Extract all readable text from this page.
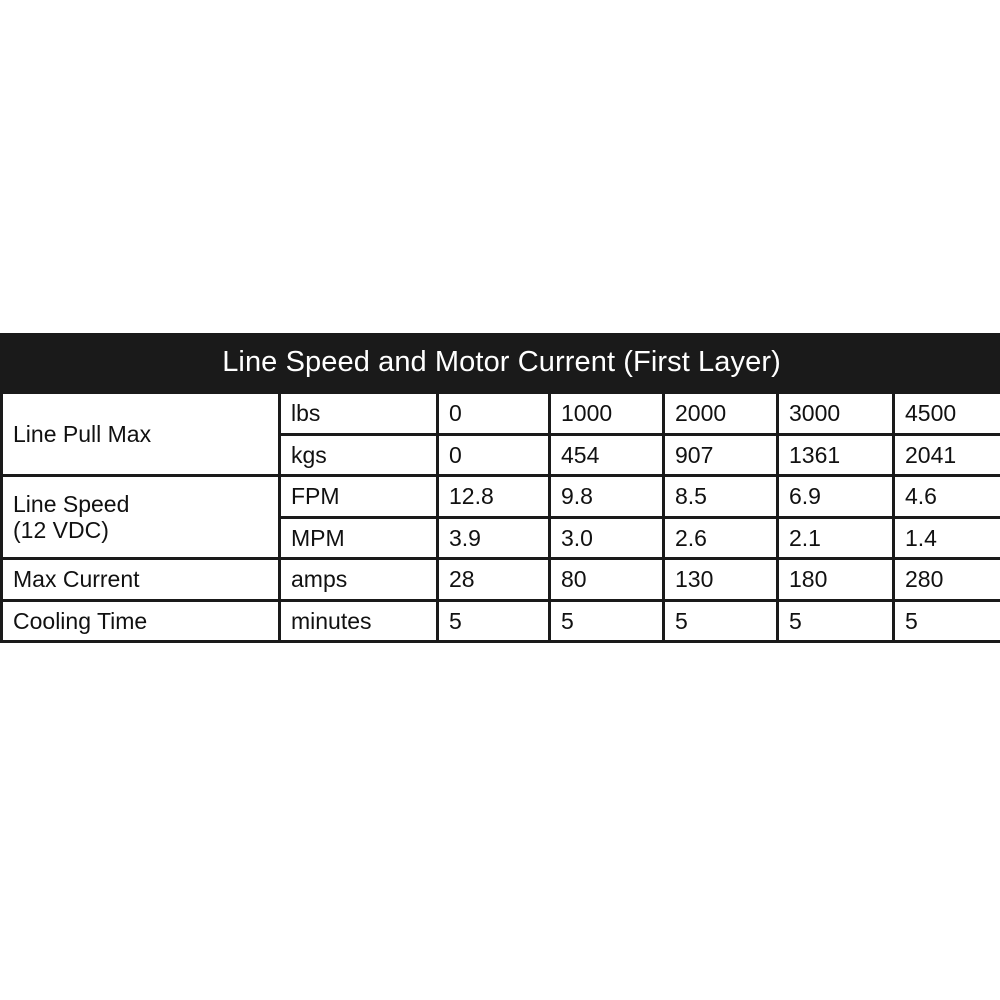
Line Speed and Motor Current (First Layer)						
Line Pull Max	lbs	0	1000	2000	3000	4500
	kgs	0	454	907	1361	2041

Line Speed
(12 VDC)	FPM	12.8	9.8	8.5	6.9	4.6
	MPM	3.9	3.0	2.6	2.1	1.4
Max Current	amps	28	80	130	180	280
Cooling Time	minutes	5	5	5	5	5
